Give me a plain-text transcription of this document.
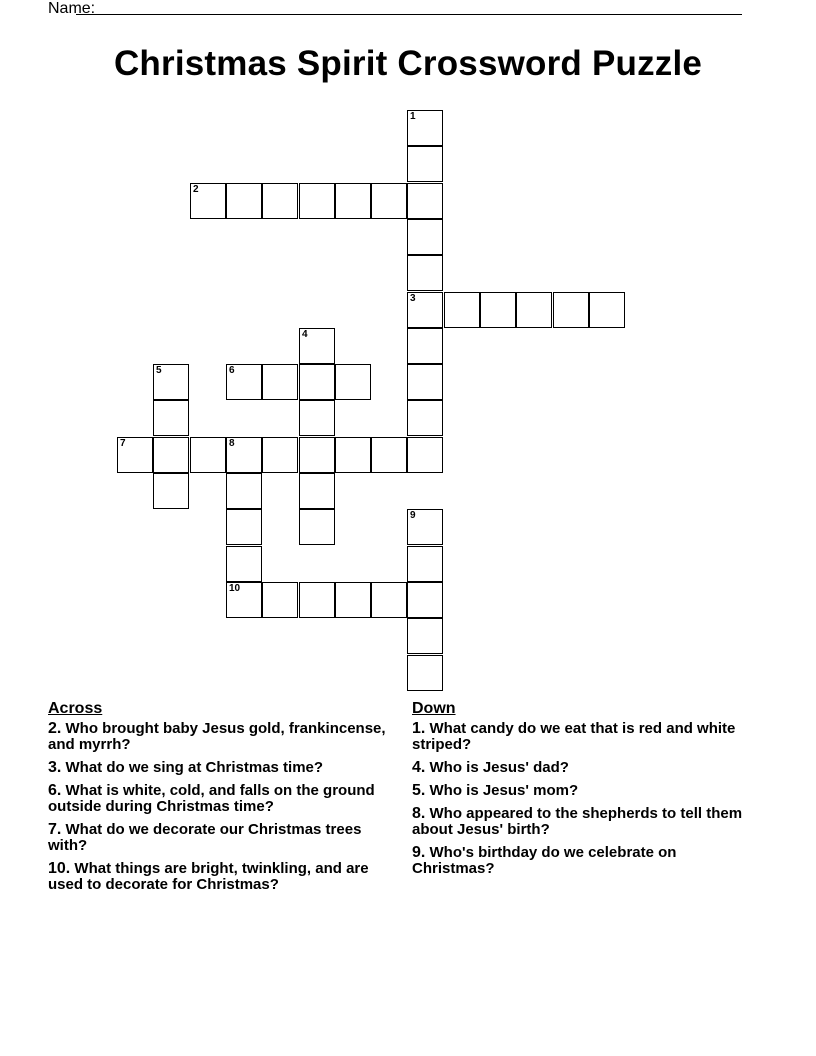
Name:
Christmas Spirit Crossword Puzzle
1
2
3
4
5	6
7	8
9
10
Across
2. Who brought baby Jesus gold, frankincense, and myrrh?
3. What do we sing at Christmas time?
6. What is white, cold, and falls on the ground outside during Christmas time?
7. What do we decorate our Christmas trees with?
10. What things are bright, twinkling, and are used to decorate for Christmas?
Down
1. What candy do we eat that is red and white striped?
4. Who is Jesus' dad?
5. Who is Jesus' mom?
8. Who appeared to the shepherds to tell them about Jesus' birth?
9. Who's birthday do we celebrate on Christmas?
